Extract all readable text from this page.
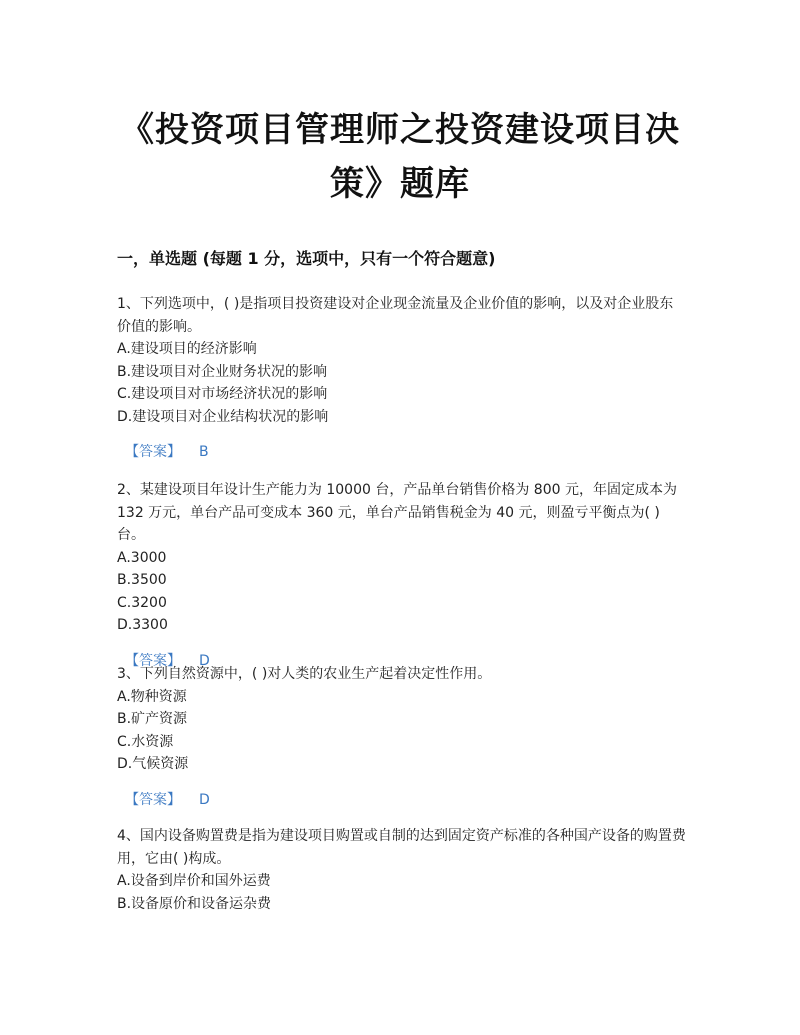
《投资项目管理师之投资建设项目决策》题库
一，单选题 (每题 1 分，选项中，只有一个符合题意)

1、下列选项中，( )是指项目投资建设对企业现金流量及企业价值的影响，以及对企业股东价值的影响。

A.建设项目的经济影响

B.建设项目对企业财务状况的影响

C.建设项目对市场经济状况的影响

D.建设项目对企业结构状况的影响

【答案】 B

2、某建设项目年设计生产能力为 10000 台，产品单台销售价格为 800 元，年固定成本为 132 万元，单台产品可变成本 360 元，单台产品销售税金为 40 元，则盈亏平衡点为( )台。

A.3000

B.3500

C.3200

D.3300

【答案】 D

3、下列自然资源中，( )对人类的农业生产起着决定性作用。

A.物种资源

B.矿产资源

C.水资源

D.气候资源

【答案】 D

4、国内设备购置费是指为建设项目购置或自制的达到固定资产标准的各种国产设备的购置费用，它由( )构成。

A.设备到岸价和国外运费

B.设备原价和设备运杂费
